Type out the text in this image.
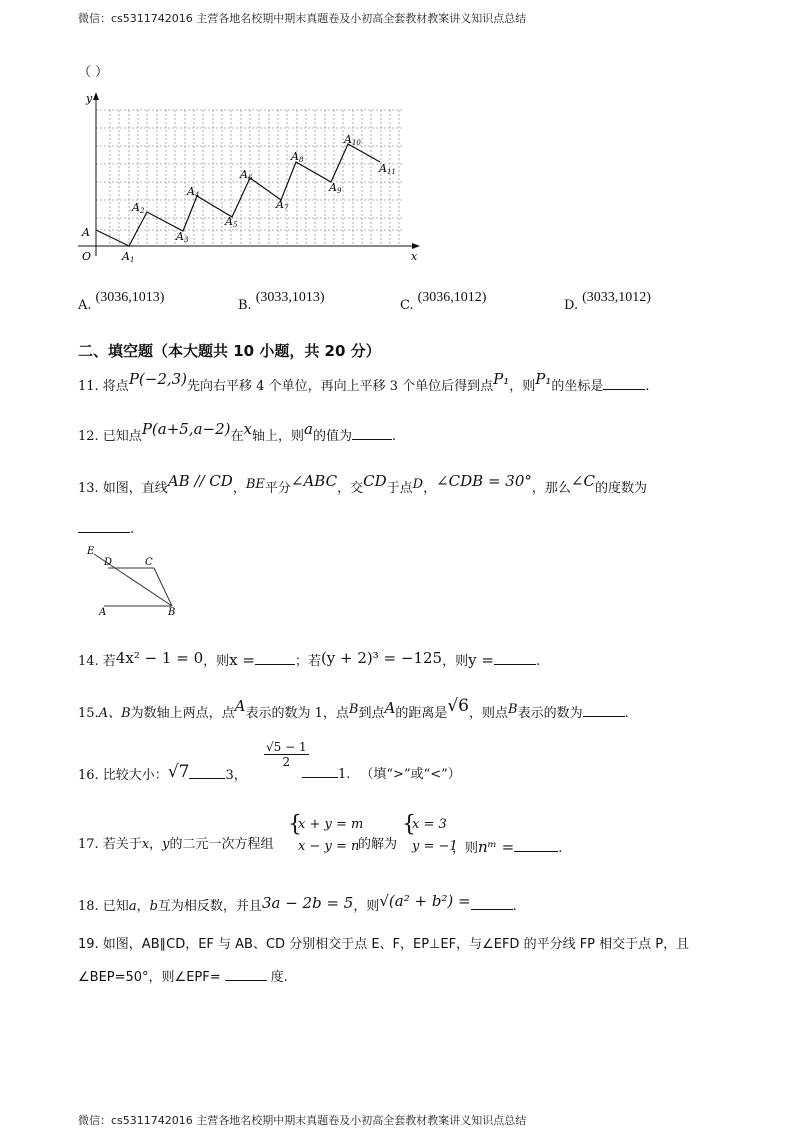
微信：cs5311742016 主营各地名校期中期末真题卷及小初高全套教材教案讲义知识点总结
（ ）
y
x
O
A
A1
A2
A3
A4
A5
A6
A7
A8
A9
A10
A11
A.(3036,1013)
B.(3033,1013)
C.(3036,1012)
D.(3033,1012)
二、填空题（本大题共 10 小题，共 20 分）
11. 将点P(−2,3)先向右平移 4 个单位，再向上平移 3 个单位后得到点P₁，则P₁的坐标是	.
12. 已知点P(a+5,a−2)在x轴上，则a的值为	.
13. 如图，直线AB // CD，BE平分∠ABC，交CD于点D，∠CDB = 30°，那么∠C的度数为
.
E
D	C
A	B
14. 若4x² − 1 = 0，则x =	；若(y + 2)³ = −125，则y =	.
15.A、B为数轴上两点，点A表示的数为 1，点B到点A的距离是√6，则点B表示的数为	.
16. 比较大小：√7	3，
√5 − 1
2
1. （填“>”或“<”）
17. 若关于x，y的二元一次方程组
{
x + y = m
x − y = n
的解为
{
x = 3
y = −1
，则nᵐ =	.
18. 已知a，b互为相反数，并且3a − 2b = 5，则√(a² + b²) =	.
19. 如图，AB∥CD，EF 与 AB、CD 分别相交于点 E、F，EP⊥EF，与∠EFD 的平分线 FP 相交于点 P，且
∠BEP=50°，则∠EPF=	度.
微信：cs5311742016 主营各地名校期中期末真题卷及小初高全套教材教案讲义知识点总结
